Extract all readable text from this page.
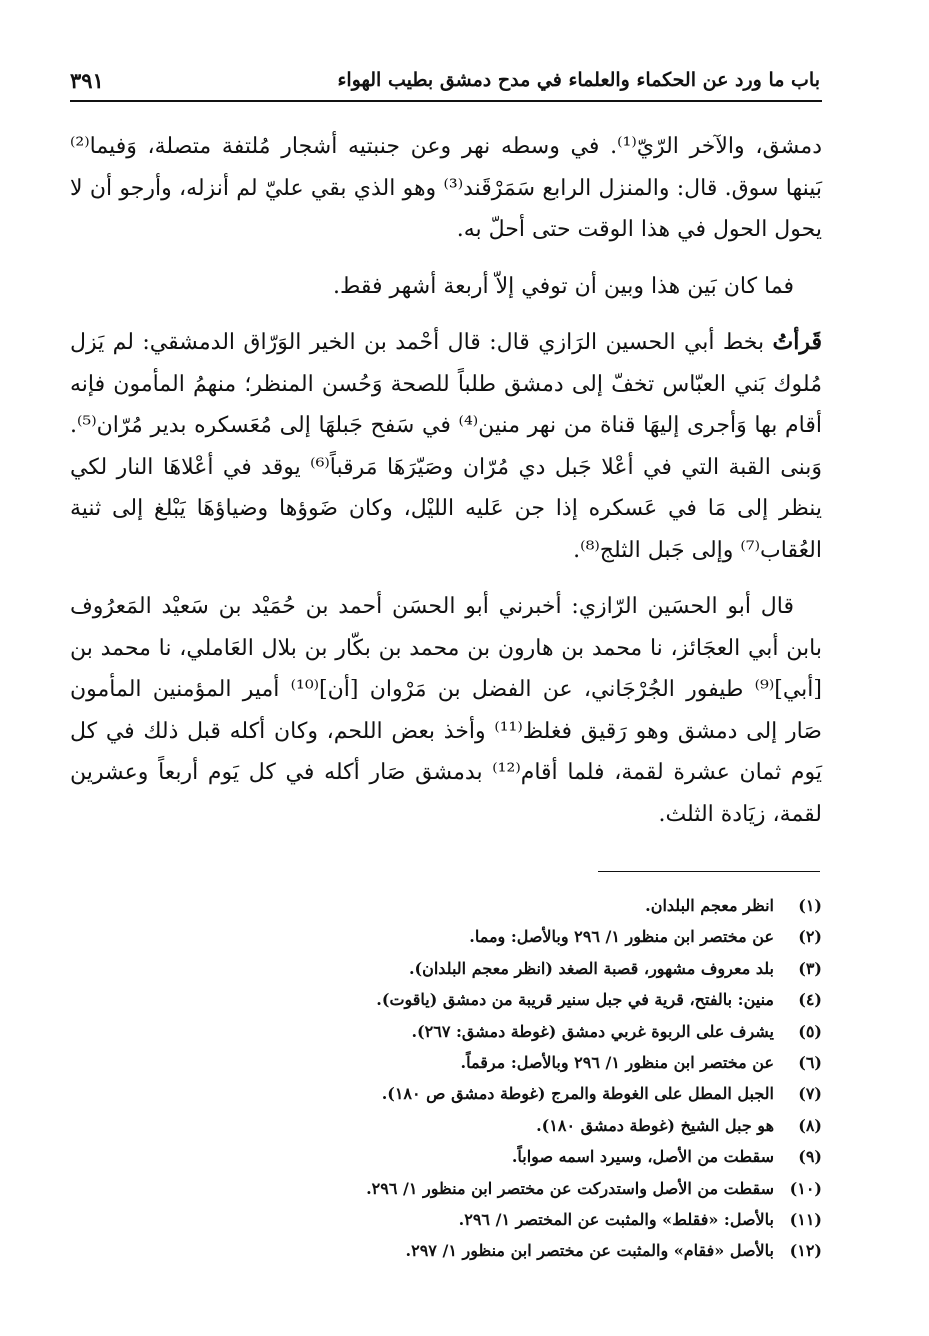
باب ما ورد عن الحكماء والعلماء في مدح دمشق بطيب الهواء
٣٩١

دمشق، والآخر الرّيّ⁽¹⁾. في وسطه نهر وعن جنبتيه أشجار مُلتفة متصلة، وَفيما⁽²⁾ بَينها سوق. قال: والمنزل الرابع سَمَرْقَند⁽³⁾ وهو الذي بقي عليّ لم أنزله، وأرجو أن لا يحول الحول في هذا الوقت حتى أحلّ به.

فما كان بَين هذا وبين أن توفي إلاّ أربعة أشهر فقط.

قَرأتُ بخط أبي الحسين الرَازي قال: قال أحْمد بن الخير الوَرّاق الدمشقي: لم يَزل مُلوك بَني العبّاس تخفّ إلى دمشق طلباً للصحة وَحُسن المنظر؛ منهمُ المأمون فإنه أقام بها وَأجرى إليهَا قناة من نهر منين⁽⁴⁾ في سَفح جَبلهَا إلى مُعَسكره بدير مُرّان⁽⁵⁾. وَبنى القبة التي في أعْلا جَبل دي مُرّان وصَيّرَهَا مَرقباً⁽⁶⁾ يوقد في أعْلاهَا النار لكي ينظر إلى مَا في عَسكره إذا جن عَليه الليْل، وكان ضَوؤها وضياؤهَا يَبْلغ إلى ثنية العُقاب⁽⁷⁾ وإلى جَبل الثلج⁽⁸⁾.

قال أبو الحسَين الرّازي: أخبرني أبو الحسَن أحمد بن حُمَيْد بن سَعيْد المَعرُوف بابن أبي العجَائز، نا محمد بن هارون بن محمد بن بكّار بن بلال العَاملي، نا محمد بن [أبي]⁽⁹⁾ طيفور الجُرْجَاني، عن الفضل بن مَرْوان [أن]⁽¹⁰⁾ أمير المؤمنين المأمون صَار إلى دمشق وهو رَقيق فغلظ⁽¹¹⁾ وأخذ بعض اللحم، وكان أكله قبل ذلك في كل يَوم ثمان عشرة لقمة، فلما أقام⁽¹²⁾ بدمشق صَار أكله في كل يَوم أربعاً وعشرين لقمة، زيَادة الثلث.

(١)
انظر معجم البلدان.
(٢)
عن مختصر ابن منظور ١/ ٢٩٦ وبالأصل: ومما.
(٣)
بلد معروف مشهور، قصبة الصغد (انظر معجم البلدان).
(٤)
منين: بالفتح، قرية في جبل سنير قريبة من دمشق (ياقوت).
(٥)
يشرف على الربوة غربي دمشق (غوطة دمشق: ٢٦٧).
(٦)
عن مختصر ابن منظور ١/ ٢٩٦ وبالأصل: مرقماً.
(٧)
الجبل المطل على الغوطة والمرج (غوطة دمشق ص ١٨٠).
(٨)
هو جبل الشيخ (غوطة دمشق ١٨٠).
(٩)
سقطت من الأصل، وسيرد اسمه صواباً.
(١٠)
سقطت من الأصل واستدركت عن مختصر ابن منظور ١/ ٢٩٦.
(١١)
بالأصل: «فقلط» والمثبت عن المختصر ١/ ٢٩٦.
(١٢)
بالأصل «فقام» والمثبت عن مختصر ابن منظور ١/ ٢٩٧.
